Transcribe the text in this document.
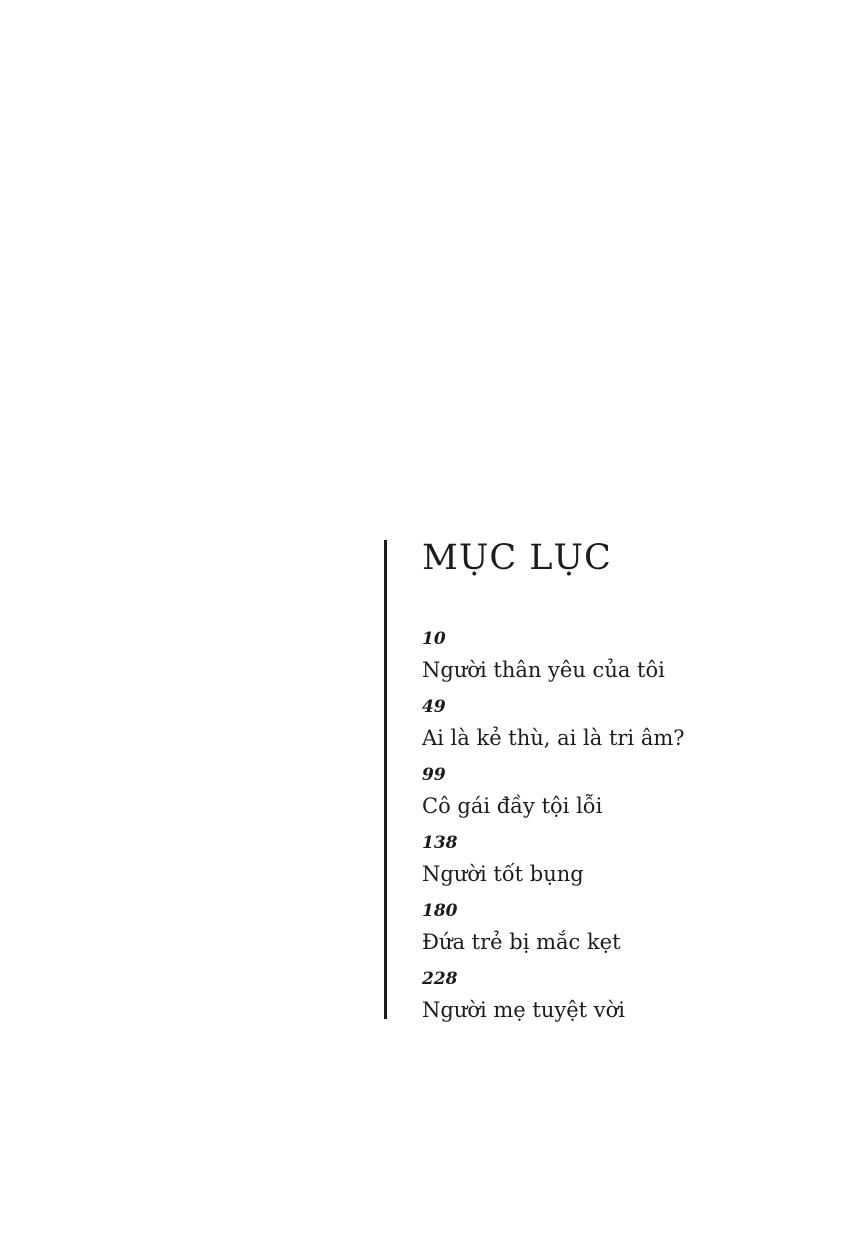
MỤC LỤC
10
Người thân yêu của tôi
49
Ai là kẻ thù, ai là tri âm?
99
Cô gái đầy tội lỗi
138
Người tốt bụng
180
Đứa trẻ bị mắc kẹt
228
Người mẹ tuyệt vời
